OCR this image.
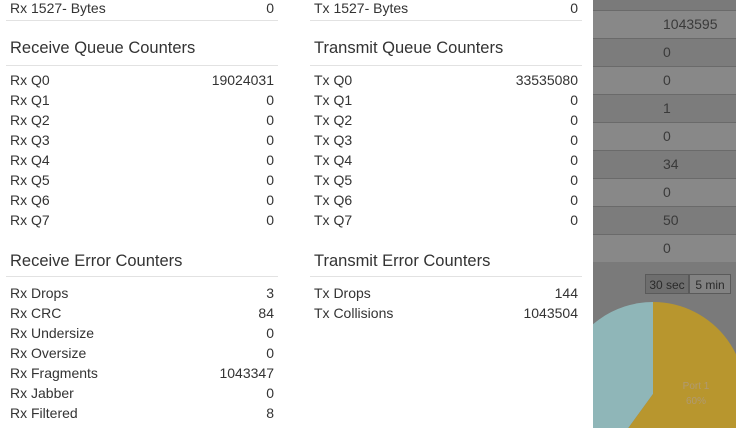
Rx 1527- Bytes	0
Receive Queue Counters
Rx Q0	19024031
Rx Q1	0
Rx Q2	0
Rx Q3	0
Rx Q4	0
Rx Q5	0
Rx Q6	0
Rx Q7	0
Receive Error Counters
Rx Drops	3
Rx CRC	84
Rx Undersize	0
Rx Oversize	0
Rx Fragments	1043347
Rx Jabber	0
Rx Filtered	8
Tx 1527- Bytes	0
Transmit Queue Counters
Tx Q0	33535080
Tx Q1	0
Tx Q2	0
Tx Q3	0
Tx Q4	0
Tx Q5	0
Tx Q6	0
Tx Q7	0
Transmit Error Counters
Tx Drops	144
Tx Collisions	1043504
1043595
0
0
1
0
34
0
50
0
30 sec 5 min
Port 1
60%
